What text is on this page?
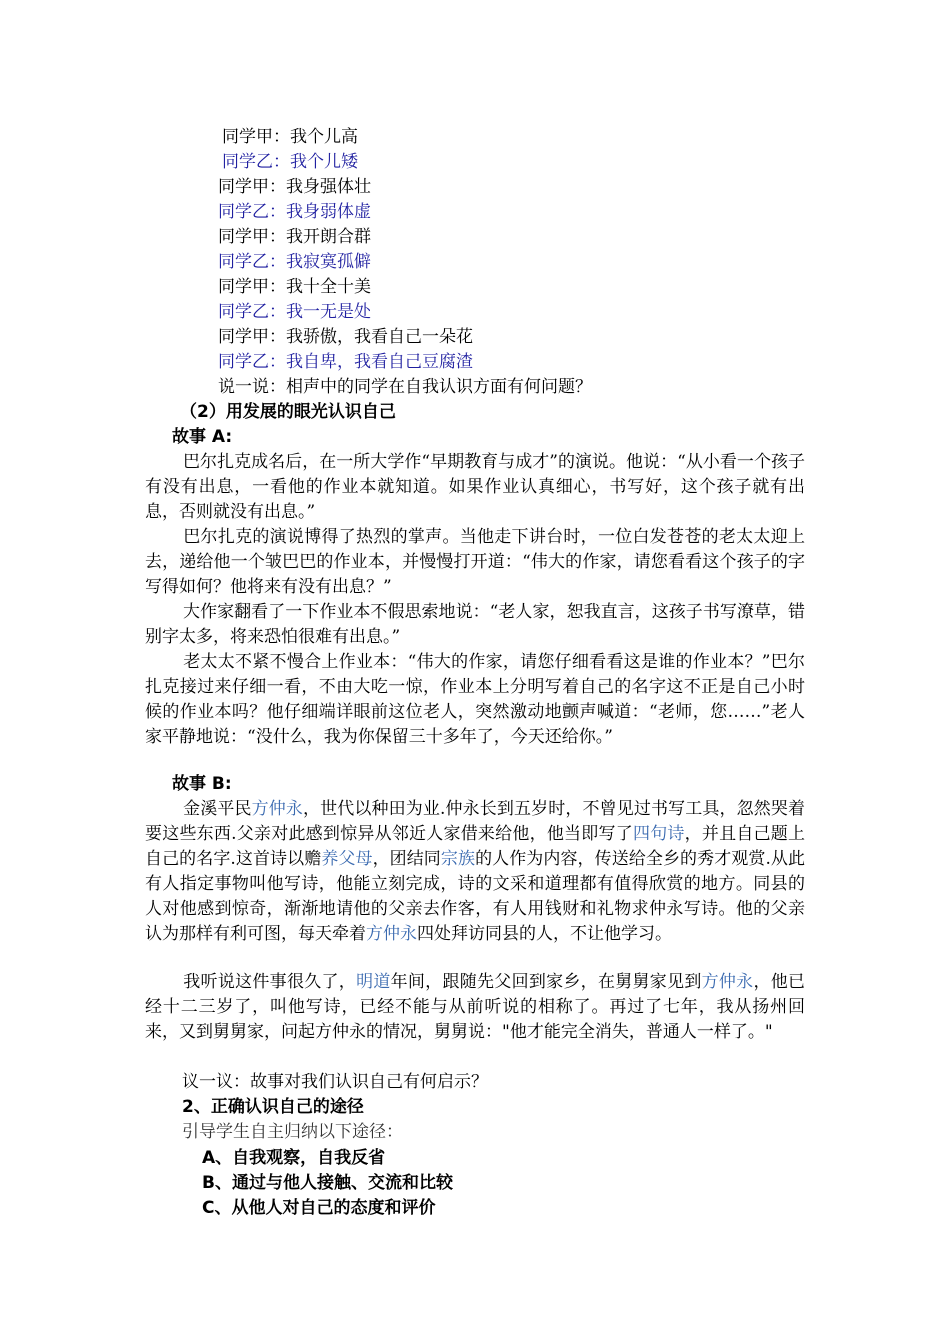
同学甲：我个儿高
同学乙：我个儿矮
同学甲：我身强体壮
同学乙：我身弱体虚
同学甲：我开朗合群
同学乙：我寂寞孤僻
同学甲：我十全十美
同学乙：我一无是处
同学甲：我骄傲，我看自己一朵花
同学乙：我自卑，我看自己豆腐渣
说一说：相声中的同学在自我认识方面有何问题？
（2）用发展的眼光认识自己
故事 A:
巴尔扎克成名后，在一所大学作“早期教育与成才”的演说。他说：“从小看一个孩子有没有出息，一看他的作业本就知道。如果作业认真细心，书写好，这个孩子就有出息，否则就没有出息。”
巴尔扎克的演说博得了热烈的掌声。当他走下讲台时，一位白发苍苍的老太太迎上去，递给他一个皱巴巴的作业本，并慢慢打开道：“伟大的作家，请您看看这个孩子的字写得如何？他将来有没有出息？”
大作家翻看了一下作业本不假思索地说：“老人家，恕我直言，这孩子书写潦草，错别字太多，将来恐怕很难有出息。”
老太太不紧不慢合上作业本：“伟大的作家，请您仔细看看这是谁的作业本？”巴尔扎克接过来仔细一看，不由大吃一惊，作业本上分明写着自己的名字这不正是自己小时候的作业本吗？他仔细端详眼前这位老人，突然激动地颤声喊道：“老师，您……”老人家平静地说：“没什么，我为你保留三十多年了，今天还给你。”
故事 B:
金溪平民方仲永，世代以种田为业.仲永长到五岁时，不曾见过书写工具，忽然哭着要这些东西.父亲对此感到惊异从邻近人家借来给他，他当即写了四句诗，并且自己题上自己的名字.这首诗以赡养父母，团结同宗族的人作为内容，传送给全乡的秀才观赏.从此有人指定事物叫他写诗，他能立刻完成，诗的文采和道理都有值得欣赏的地方。同县的人对他感到惊奇，渐渐地请他的父亲去作客，有人用钱财和礼物求仲永写诗。他的父亲认为那样有利可图，每天牵着方仲永四处拜访同县的人，不让他学习。
我听说这件事很久了，明道年间，跟随先父回到家乡，在舅舅家见到方仲永，他已经十二三岁了，叫他写诗，已经不能与从前听说的相称了。再过了七年，我从扬州回来，又到舅舅家，问起方仲永的情况，舅舅说："他才能完全消失，普通人一样了。"
议一议：故事对我们认识自己有何启示？
2、正确认识自己的途径
引导学生自主归纳以下途径：
A、自我观察，自我反省
B、通过与他人接触、交流和比较
C、从他人对自己的态度和评价
